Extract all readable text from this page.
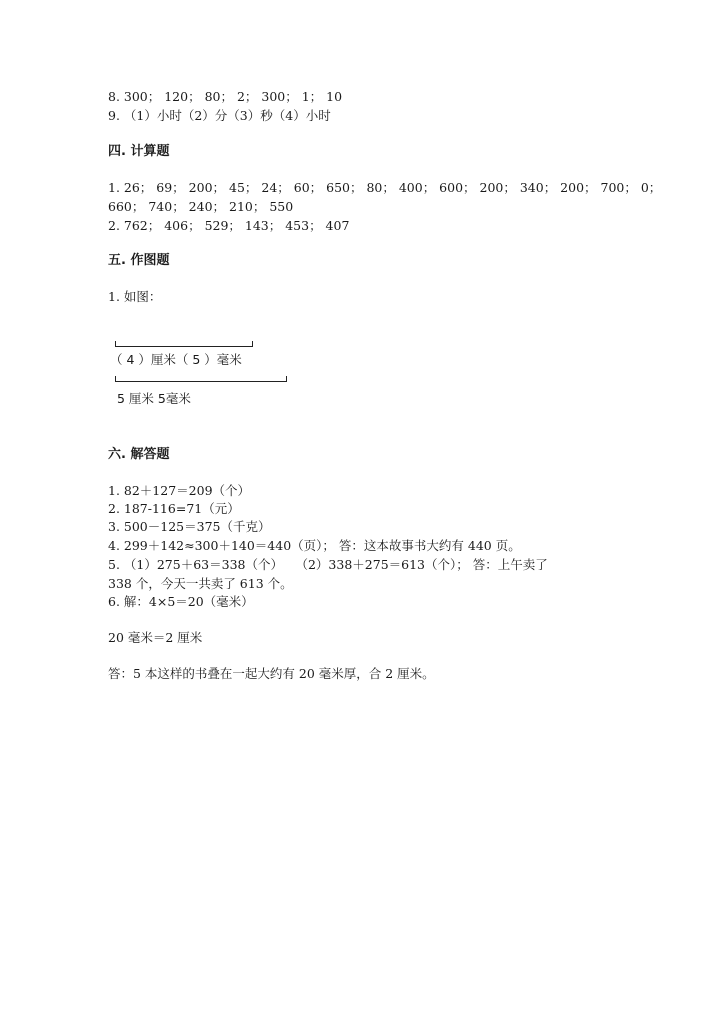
8. 300； 120； 80； 2； 300； 1； 10
9. （1）小时（2）分（3）秒（4）小时
四. 计算题
1. 26； 69； 200； 45； 24； 60； 650； 80； 400； 600； 200； 340； 200； 700； 0；
660； 740； 240； 210； 550
2. 762； 406； 529； 143； 453； 407
五. 作图题
1. 如图：
（ 4 ）厘米（ 5 ）毫米
5 厘米 5毫米
六. 解答题
1. 82＋127＝209（个）
2. 187-116=71（元）
3. 500－125＝375（千克）
4. 299＋142≈300＋140＝440（页）； 答：这本故事书大约有 440 页。
5. （1）275＋63＝338（个）　　（2）338＋275＝613（个）； 答：上午卖了
338 个，今天一共卖了 613 个。
6. 解：4×5＝20（毫米）
20 毫米＝2 厘米
答：5 本这样的书叠在一起大约有 20 毫米厚，合 2 厘米。
